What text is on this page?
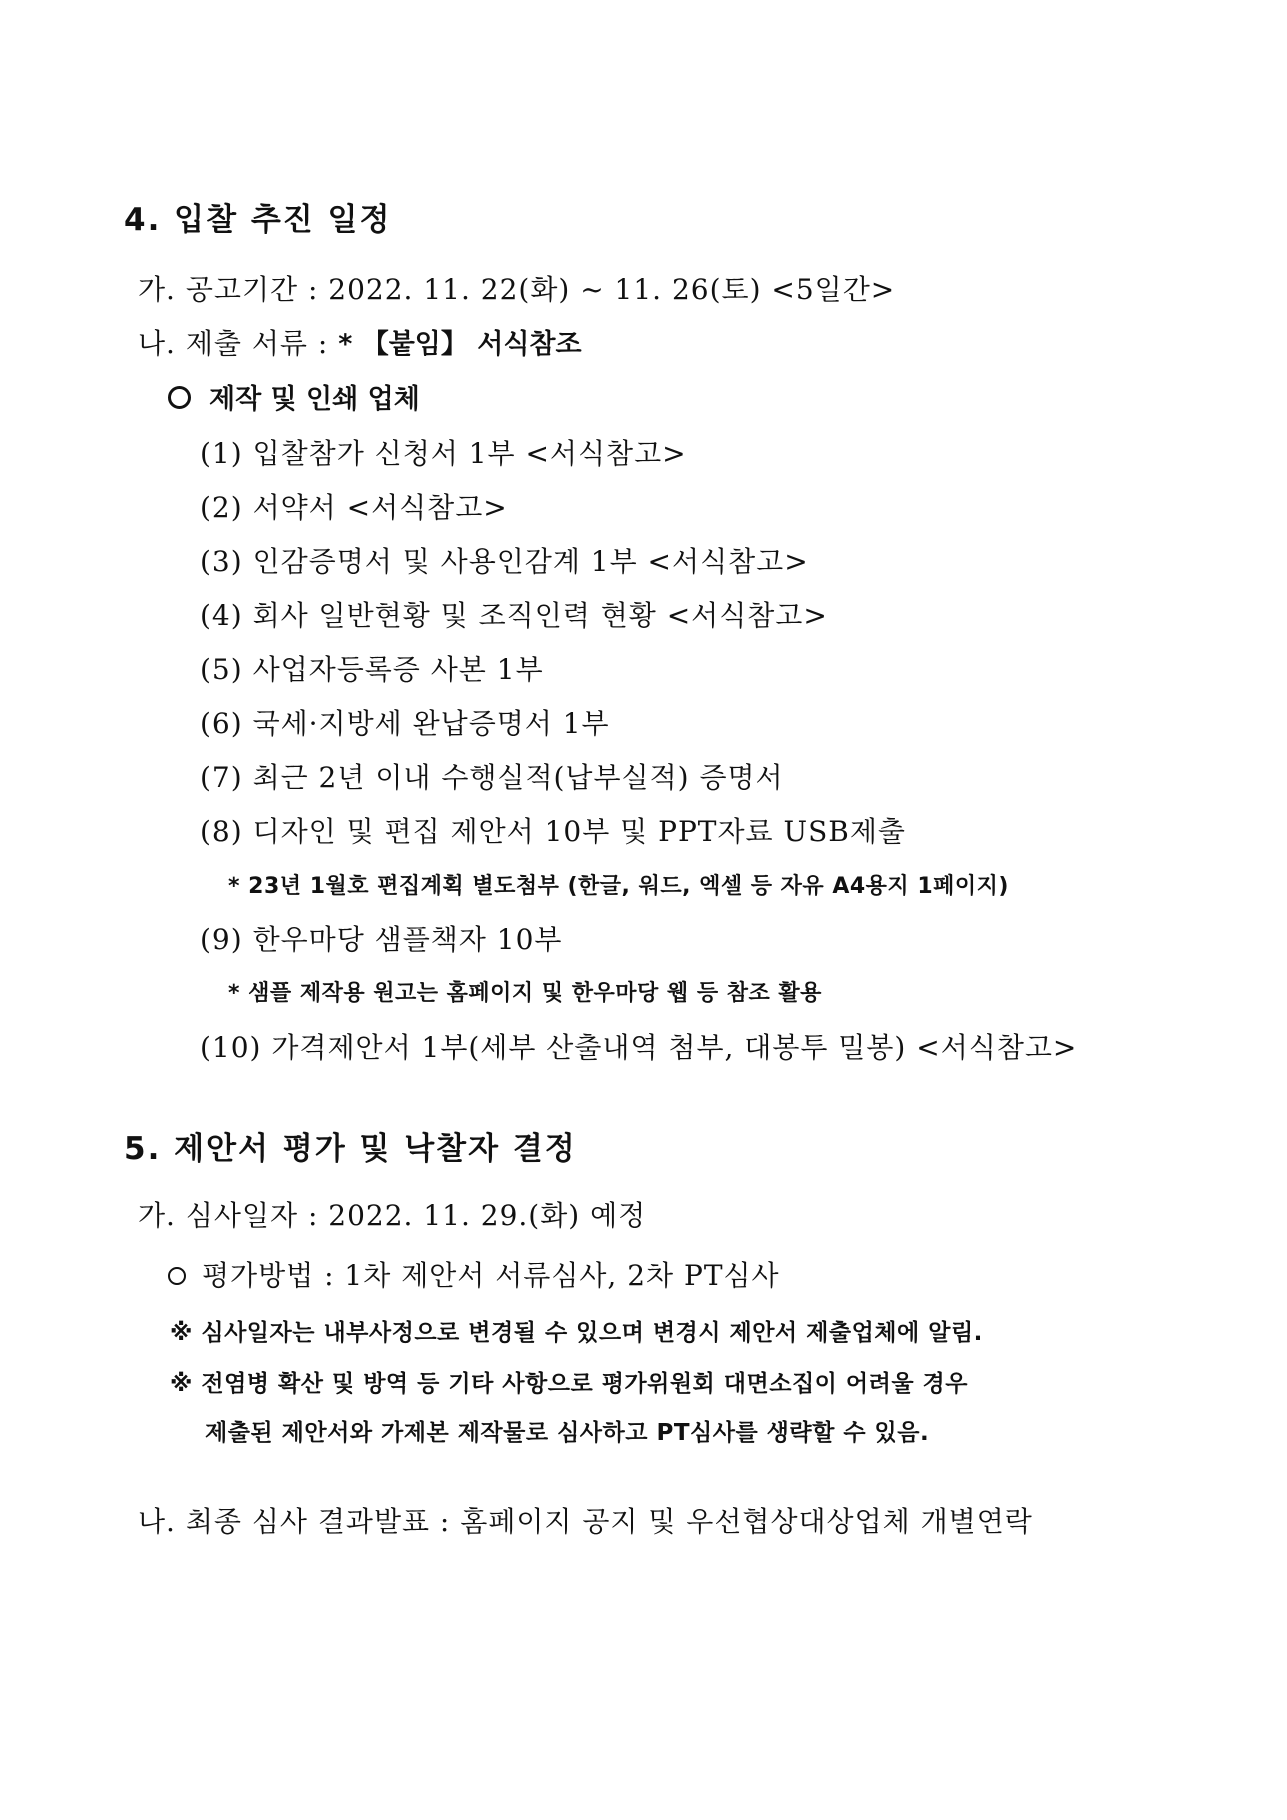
4. 입찰 추진 일정
가. 공고기간 : 2022. 11. 22(화) ~ 11. 26(토) <5일간>
나. 제출 서류 : * 【붙임】 서식참조
제작 및 인쇄 업체
(1) 입찰참가 신청서 1부 <서식참고>
(2) 서약서 <서식참고>
(3) 인감증명서 및 사용인감계 1부 <서식참고>
(4) 회사 일반현황 및 조직인력 현황 <서식참고>
(5) 사업자등록증 사본 1부
(6) 국세·지방세 완납증명서 1부
(7) 최근 2년 이내 수행실적(납부실적) 증명서
(8) 디자인 및 편집 제안서 10부 및 PPT자료 USB제출
* 23년 1월호 편집계획 별도첨부 (한글, 워드, 엑셀 등 자유 A4용지 1페이지)
(9) 한우마당 샘플책자 10부
* 샘플 제작용 원고는 홈페이지 및 한우마당 웹 등 참조 활용
(10) 가격제안서 1부(세부 산출내역 첨부, 대봉투 밀봉) <서식참고>
5. 제안서 평가 및 낙찰자 결정
가. 심사일자 : 2022. 11. 29.(화) 예정
평가방법 : 1차 제안서 서류심사, 2차 PT심사
※ 심사일자는 내부사정으로 변경될 수 있으며 변경시 제안서 제출업체에 알림.
※ 전염병 확산 및 방역 등 기타 사항으로 평가위원회 대면소집이 어려울 경우
제출된 제안서와 가제본 제작물로 심사하고 PT심사를 생략할 수 있음.
나. 최종 심사 결과발표 : 홈페이지 공지 및 우선협상대상업체 개별연락
